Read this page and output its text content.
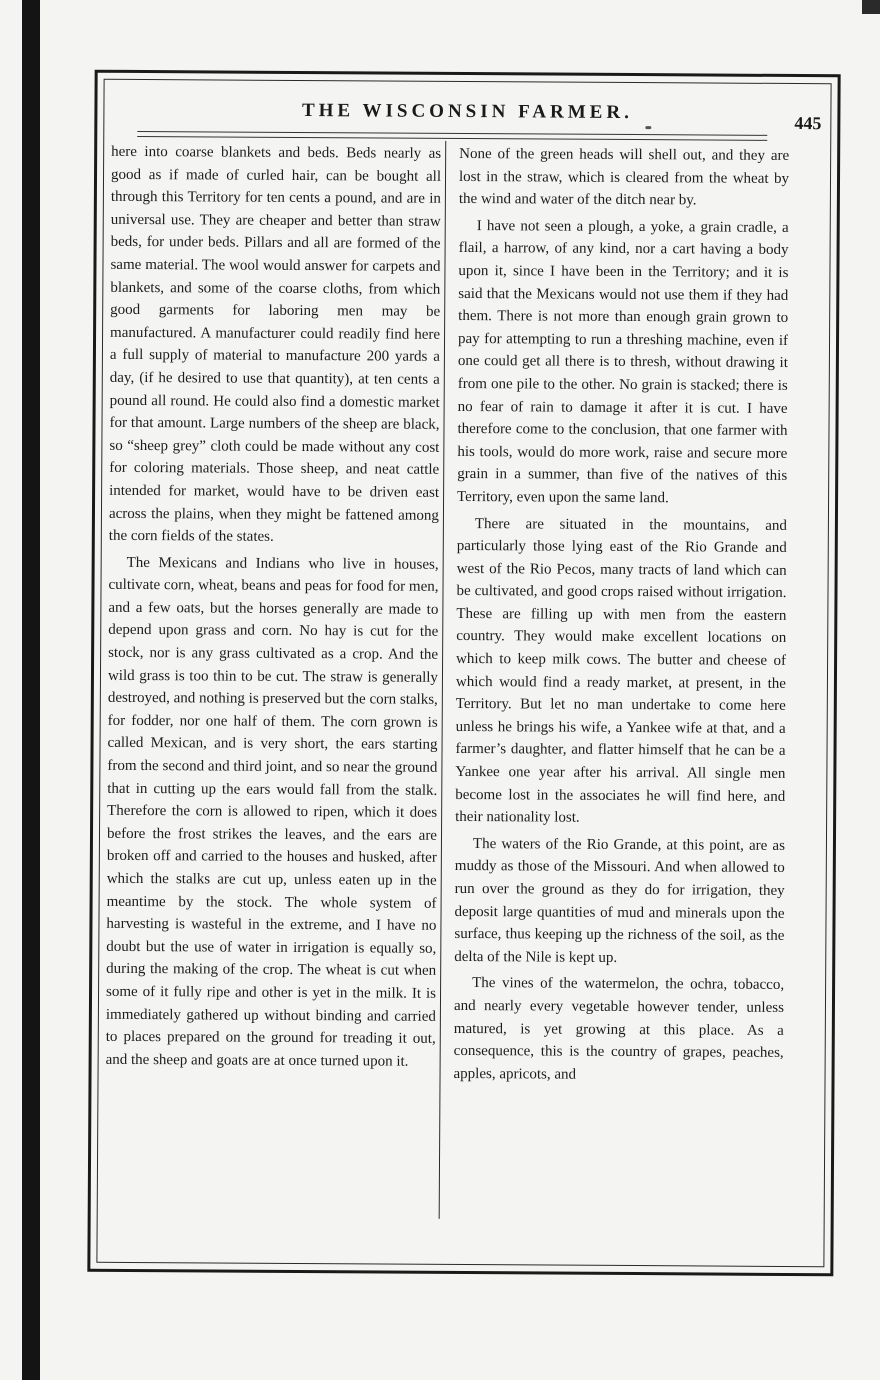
THE WISCONSIN FARMER.
445

here into coarse blankets and beds. Beds nearly as good as if made of curled hair, can be bought all through this Territory for ten cents a pound, and are in universal use. They are cheaper and better than straw beds, for under beds. Pillars and all are formed of the same material. The wool would answer for carpets and blankets, and some of the coarse cloths, from which good garments for laboring men may be manufactured. A manufacturer could readily find here a full supply of material to manufacture 200 yards a day, (if he desired to use that quantity), at ten cents a pound all round. He could also find a domestic market for that amount. Large numbers of the sheep are black, so “sheep grey” cloth could be made without any cost for coloring materials. Those sheep, and neat cattle intended for market, would have to be driven east across the plains, when they might be fattened among the corn fields of the states.

The Mexicans and Indians who live in houses, cultivate corn, wheat, beans and peas for food for men, and a few oats, but the horses generally are made to depend upon grass and corn. No hay is cut for the stock, nor is any grass cultivated as a crop. And the wild grass is too thin to be cut. The straw is generally destroyed, and nothing is preserved but the corn stalks, for fodder, nor one half of them. The corn grown is called Mexican, and is very short, the ears starting from the second and third joint, and so near the ground that in cutting up the ears would fall from the stalk. Therefore the corn is allowed to ripen, which it does before the frost strikes the leaves, and the ears are broken off and carried to the houses and husked, after which the stalks are cut up, unless eaten up in the meantime by the stock. The whole system of harvesting is wasteful in the extreme, and I have no doubt but the use of water in irrigation is equally so, during the making of the crop. The wheat is cut when some of it fully ripe and other is yet in the milk. It is immediately gathered up without binding and carried to places prepared on the ground for treading it out, and the sheep and goats are at once turned upon it.

None of the green heads will shell out, and they are lost in the straw, which is cleared from the wheat by the wind and water of the ditch near by.

I have not seen a plough, a yoke, a grain cradle, a flail, a harrow, of any kind, nor a cart having a body upon it, since I have been in the Territory; and it is said that the Mexicans would not use them if they had them. There is not more than enough grain grown to pay for attempting to run a threshing machine, even if one could get all there is to thresh, without drawing it from one pile to the other. No grain is stacked; there is no fear of rain to damage it after it is cut. I have therefore come to the conclusion, that one farmer with his tools, would do more work, raise and secure more grain in a summer, than five of the natives of this Territory, even upon the same land.

There are situated in the mountains, and particularly those lying east of the Rio Grande and west of the Rio Pecos, many tracts of land which can be cultivated, and good crops raised without irrigation. These are filling up with men from the eastern country. They would make excellent locations on which to keep milk cows. The butter and cheese of which would find a ready market, at present, in the Territory. But let no man undertake to come here unless he brings his wife, a Yankee wife at that, and a farmer’s daughter, and flatter himself that he can be a Yankee one year after his arrival. All single men become lost in the associates he will find here, and their nationality lost.

The waters of the Rio Grande, at this point, are as muddy as those of the Missouri. And when allowed to run over the ground as they do for irrigation, they deposit large quantities of mud and minerals upon the surface, thus keeping up the richness of the soil, as the delta of the Nile is kept up.

The vines of the watermelon, the ochra, tobacco, and nearly every vegetable however tender, unless matured, is yet growing at this place. As a consequence, this is the country of grapes, peaches, apples, apricots, and
